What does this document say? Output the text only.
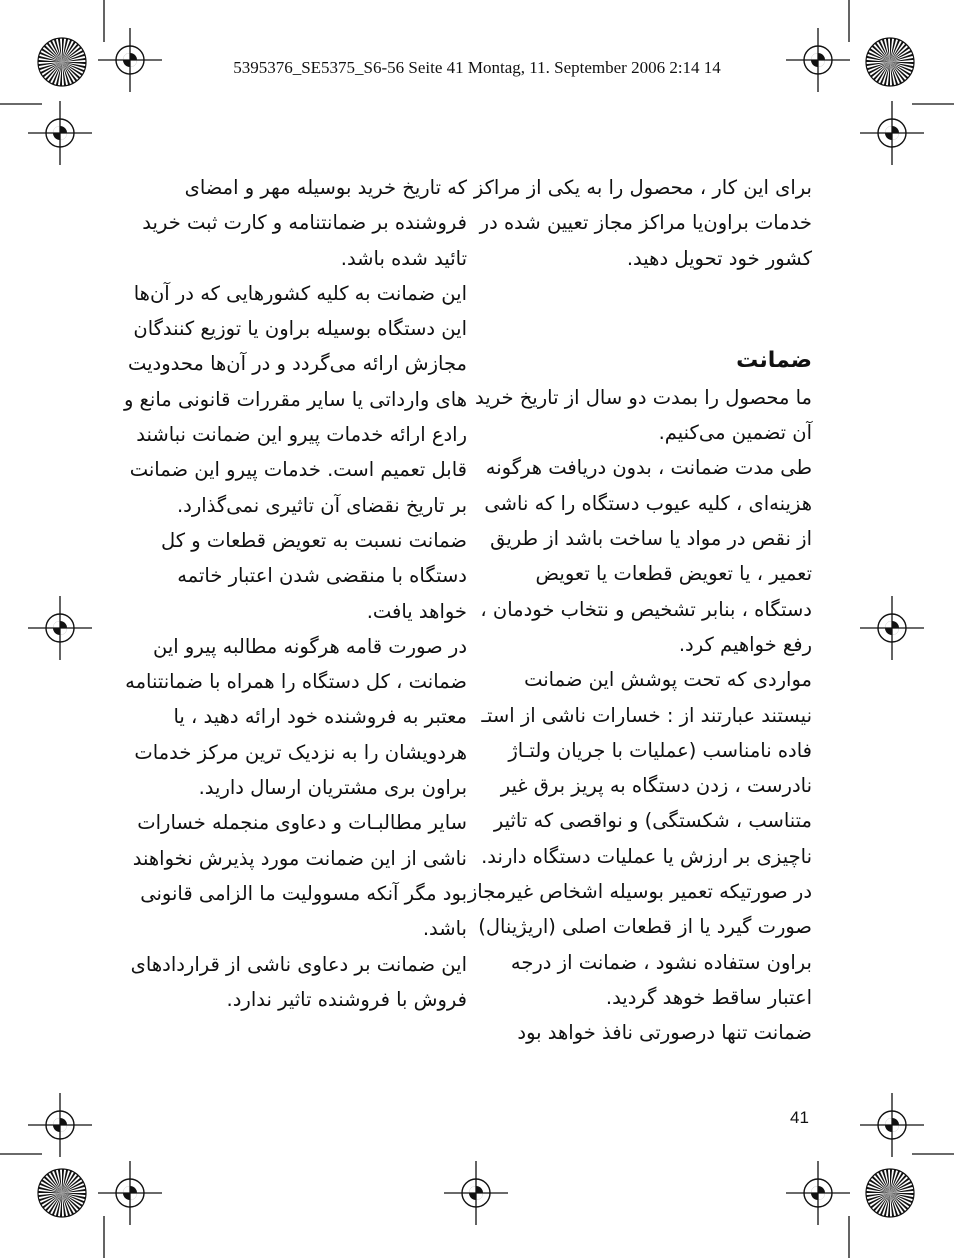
5395376_SE5375_S6-56 Seite 41 Montag, 11. September 2006 2:14 14
برای این کار ، محصول را به یکی از مراکز
خدمات براون‌یا مراکز مجاز تعیین شده در
کشور خود تحویل دهید.
ضمانت
ما محصول را بمدت دو سال از تاریخ خرید
آن تضمین می‌کنیم.
طی مدت ضمانت ، بدون دریافت هرگونه
هزینه‌ای ، کلیه عیوب دستگاه را که ناشی
از نقص در مواد یا ساخت باشد از طریق
تعمیر ، یا تعویض قطعات یا تعویض
دستگاه ، بنابر تشخیص و نتخاب خودمان ،
رفع خواهیم کرد.
مواردی که تحت پوشش این ضمانت
نیستند عبارتند از : خسارات ناشی از استـ
فاده نامناسب (عملیات با جریان ولتـاژ
نادرست ، زدن دستگاه به پریز برق غیر
متناسب ، شکستگی) و نواقصی که تاثیر
ناچیزی بر ارزش یا عملیات دستگاه دارند.
در صورتیکه تعمیر بوسیله اشخاص غیرمجاز
صورت گیرد یا از قطعات اصلی (اریژینال)
براون ستفاده نشود ، ضمانت از درجه
اعتبار ساقط خوهد گردید.
ضمانت تنها درصورتی نافذ خواهد بود
که تاریخ خرید بوسیله مهر و امضای
فروشنده بر ضمانتنامه و کارت ثبت خرید
تائید شده باشد.
این ضمانت به کلیه کشورهایی که در آن‌ها
این دستگاه بوسیله براون یا توزیع کنندگان
مجازش ارائه می‌گردد و در آن‌ها محدودیت
های وارداتی یا سایر مقررات قانونی مانع و
رادع ارائه خدمات پیرو این ضمانت نباشند
قابل تعمیم است. خدمات پیرو این ضمانت
بر تاریخ نقضای آن تاثیری نمی‌گذارد.
ضمانت نسبت به تعویض قطعات و کل
دستگاه با منقضی شدن اعتبار خاتمه
خواهد یافت.
در صورت قامه هرگونه مطالبه پیرو این
ضمانت ، کل دستگاه را همراه با ضمانتنامه
معتبر به فروشنده خود ارائه دهید ، یا
هردویشان را به نزدیک ترین مرکز خدمات
براون بری مشتریان ارسال دارید.
سایر مطالبـات و دعاوی منجمله خسارات
ناشی از این ضمانت مورد پذیرش نخواهند
بود مگر آنکه مسوولیت ما الزامی قانونی
باشد.
این ضمانت بر دعاوی ناشی از قراردادهای
فروش با فروشنده تاثیر ندارد.
41
